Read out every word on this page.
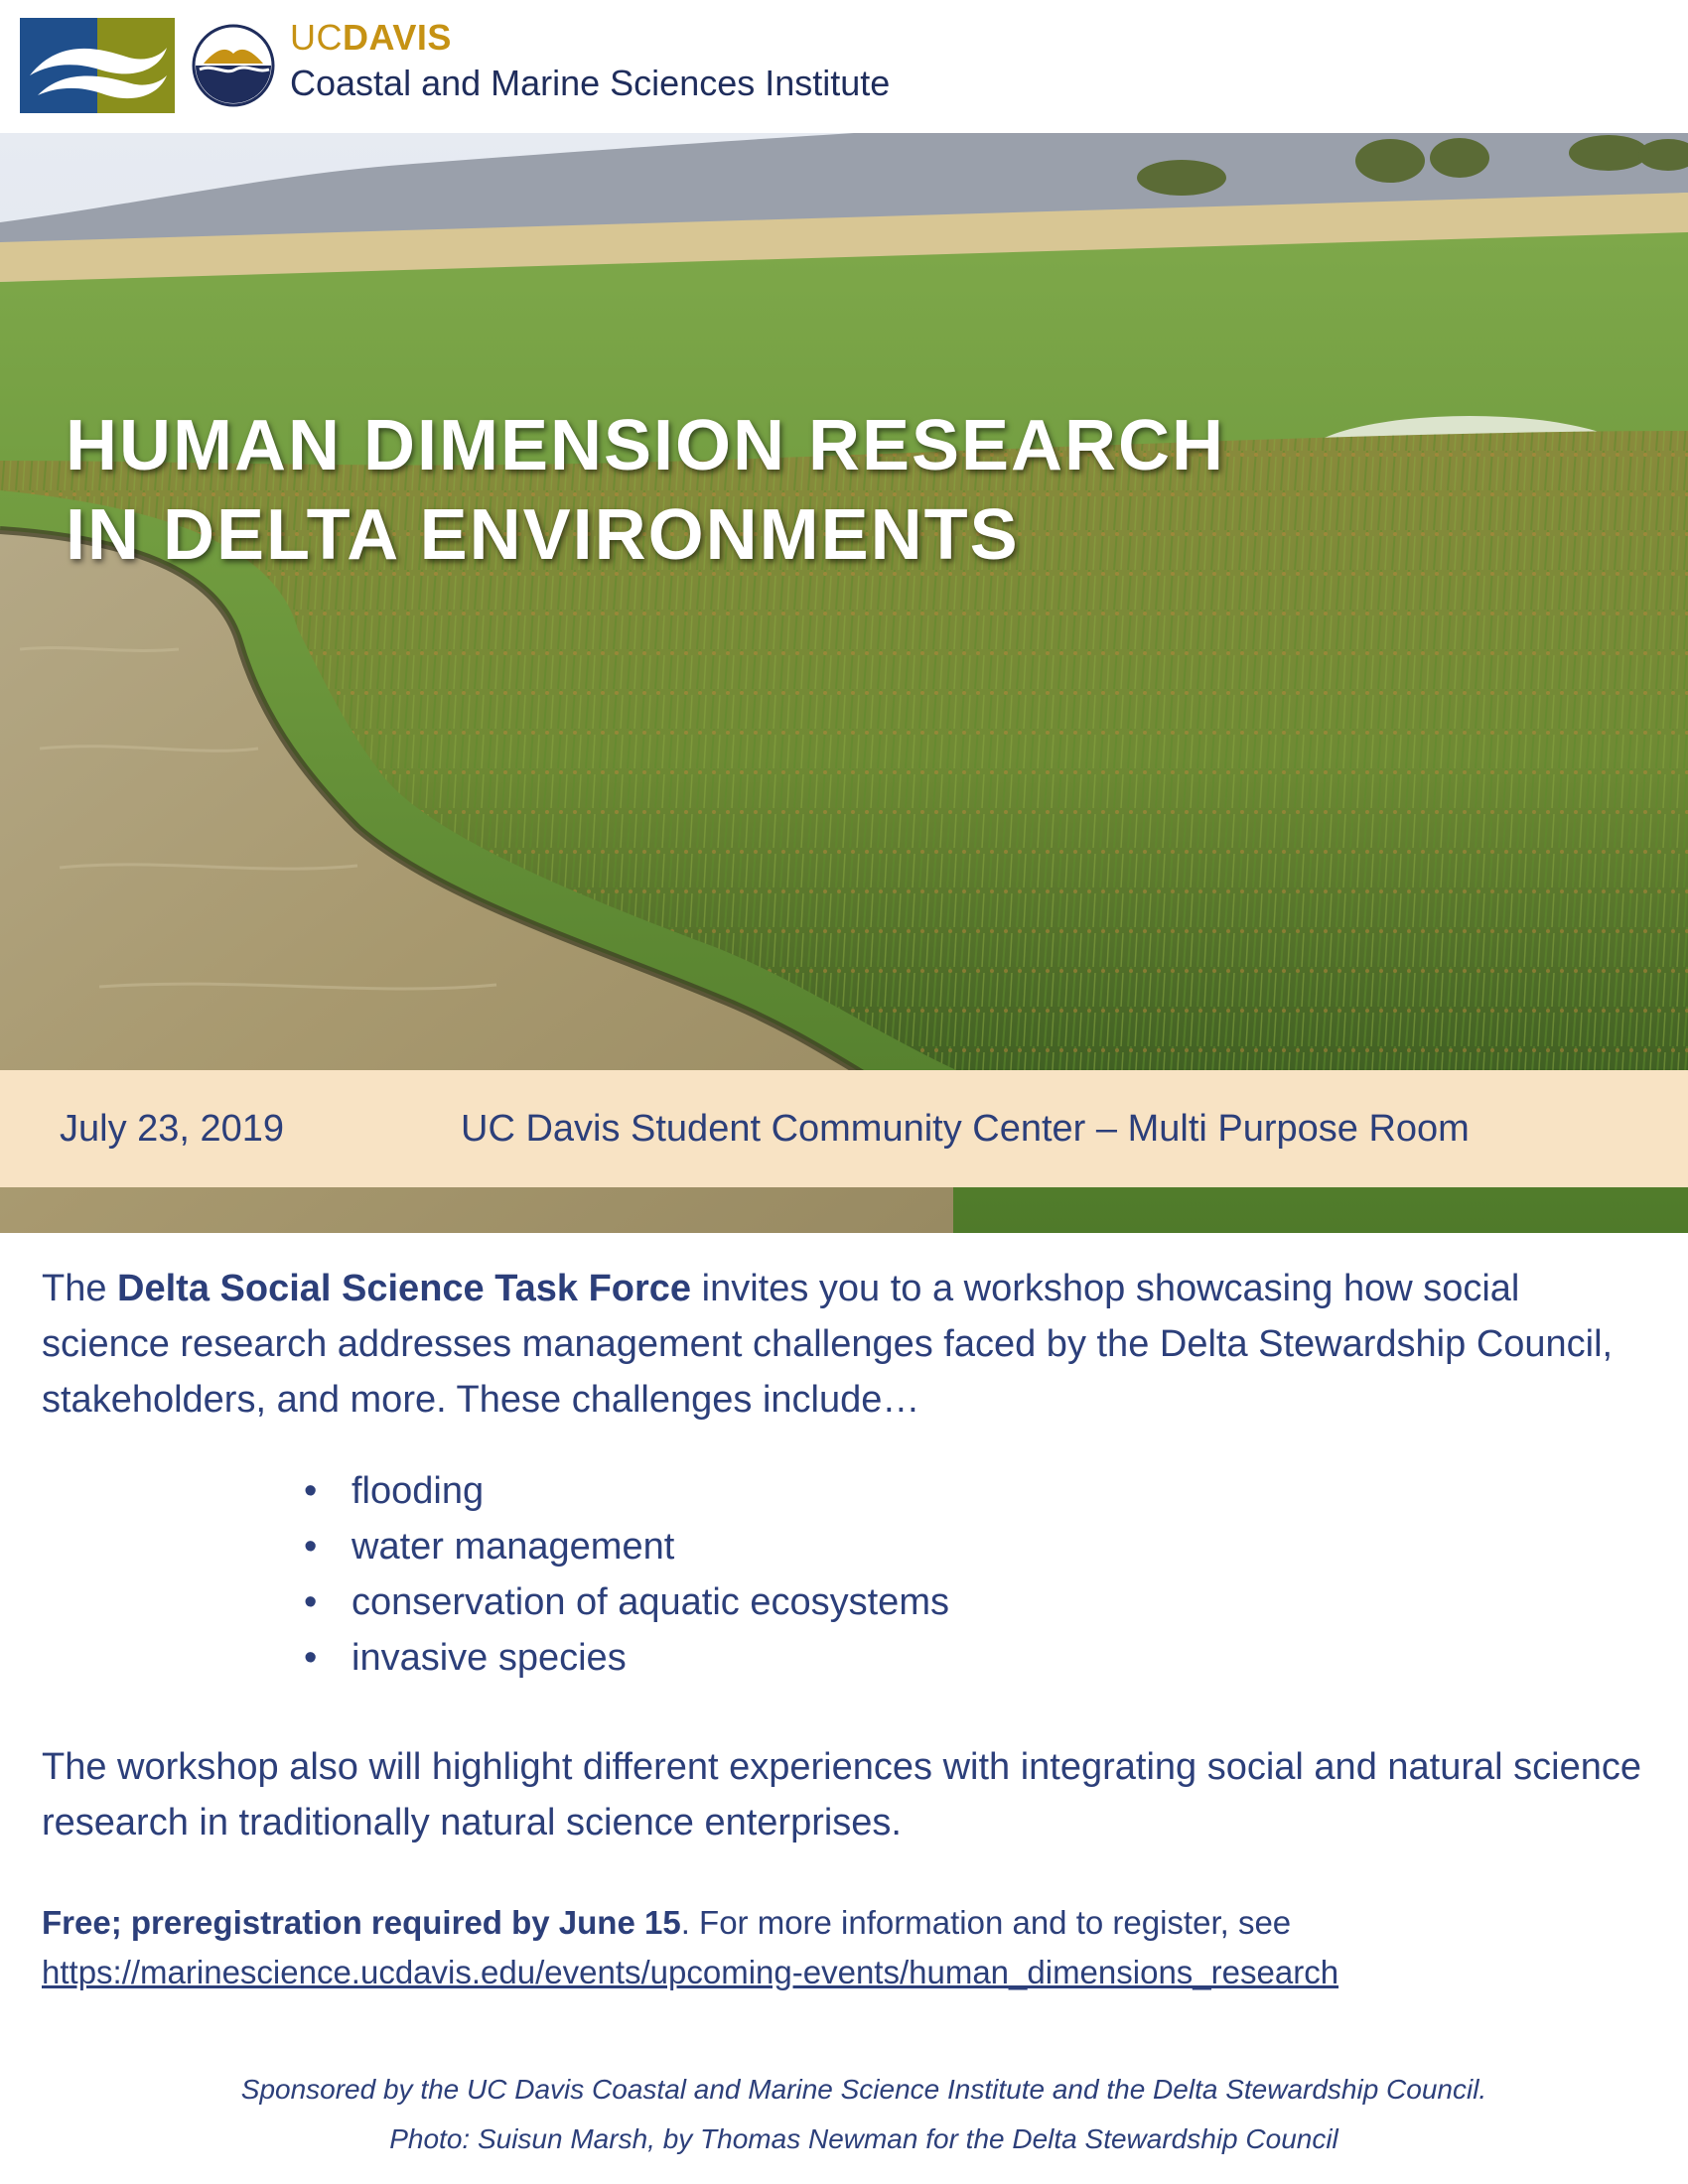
UCDAVIS
Coastal and Marine Sciences Institute
HUMAN DIMENSION RESEARCH
IN DELTA ENVIRONMENTS
July 23, 2019	UC Davis Student Community Center – Multi Purpose Room

The Delta Social Science Task Force invites you to a workshop showcasing how social science research addresses management challenges faced by the Delta Stewardship Council, stakeholders, and more. These challenges include…

• flooding
• water management
• conservation of aquatic ecosystems
• invasive species

The workshop also will highlight different experiences with integrating social and natural science research in traditionally natural science enterprises.

Free; preregistration required by June 15. For more information and to register, see
https://marinescience.ucdavis.edu/events/upcoming-events/human_dimensions_research

Sponsored by the UC Davis Coastal and Marine Science Institute and the Delta Stewardship Council.
Photo: Suisun Marsh, by Thomas Newman for the Delta Stewardship Council
